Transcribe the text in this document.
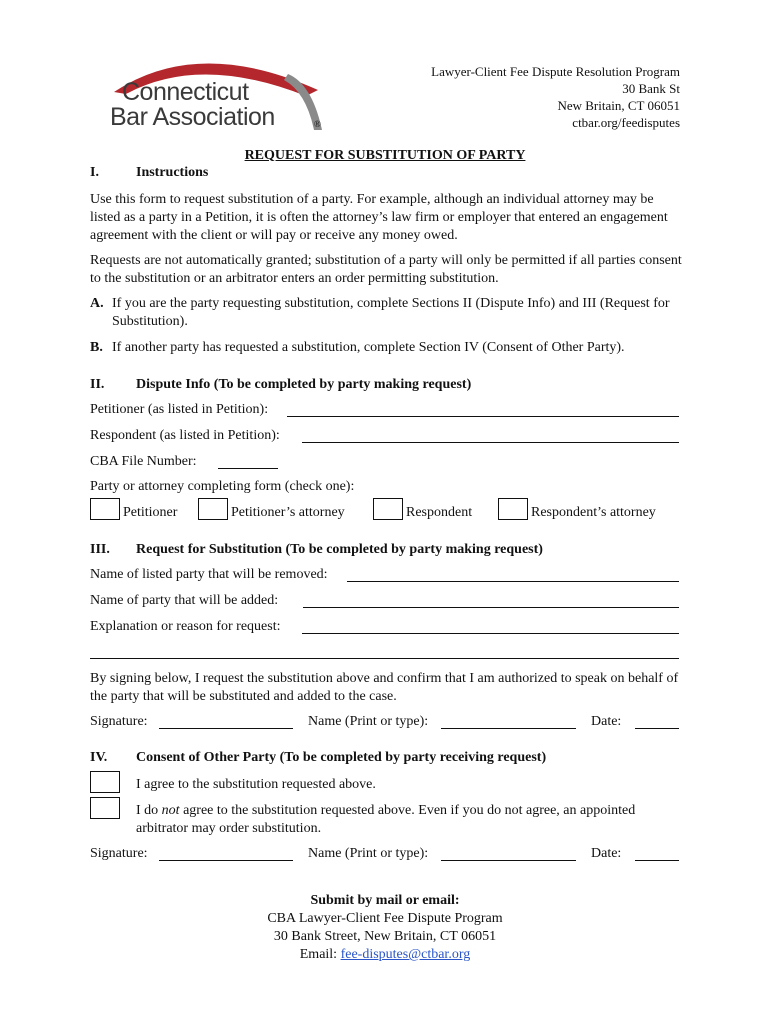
Connecticut
Bar Association	®
Lawyer-Client Fee Dispute Resolution Program
30 Bank St
New Britain, CT 06051
ctbar.org/feedisputes
REQUEST FOR SUBSTITUTION OF PARTY
I.	Instructions
Use this form to request substitution of a party. For example, although an individual attorney may be listed as a party in a Petition, it is often the attorney’s law firm or employer that entered an engagement agreement with the client or will pay or receive any money owed.
Requests are not automatically granted; substitution of a party will only be permitted if all parties consent to the substitution or an arbitrator enters an order permitting substitution.
A. If you are the party requesting substitution, complete Sections II (Dispute Info) and III (Request for Substitution).
B. If another party has requested a substitution, complete Section IV (Consent of Other Party).
II. Dispute Info (To be completed by party making request)
Petitioner (as listed in Petition):
Respondent (as listed in Petition):
CBA File Number:
Party or attorney completing form (check one):
Petitioner	Petitioner’s attorney	Respondent	Respondent’s attorney
III. Request for Substitution (To be completed by party making request)
Name of listed party that will be removed:
Name of party that will be added:
Explanation or reason for request:
By signing below, I request the substitution above and confirm that I am authorized to speak on behalf of the party that will be substituted and added to the case.
Signature:	Name (Print or type):	Date:
IV. Consent of Other Party (To be completed by party receiving request)
I agree to the substitution requested above.
I do not agree to the substitution requested above. Even if you do not agree, an appointed arbitrator may order substitution.
Signature:	Name (Print or type):	Date:
Submit by mail or email:
CBA Lawyer-Client Fee Dispute Program
30 Bank Street, New Britain, CT 06051
Email: fee-disputes@ctbar.org
